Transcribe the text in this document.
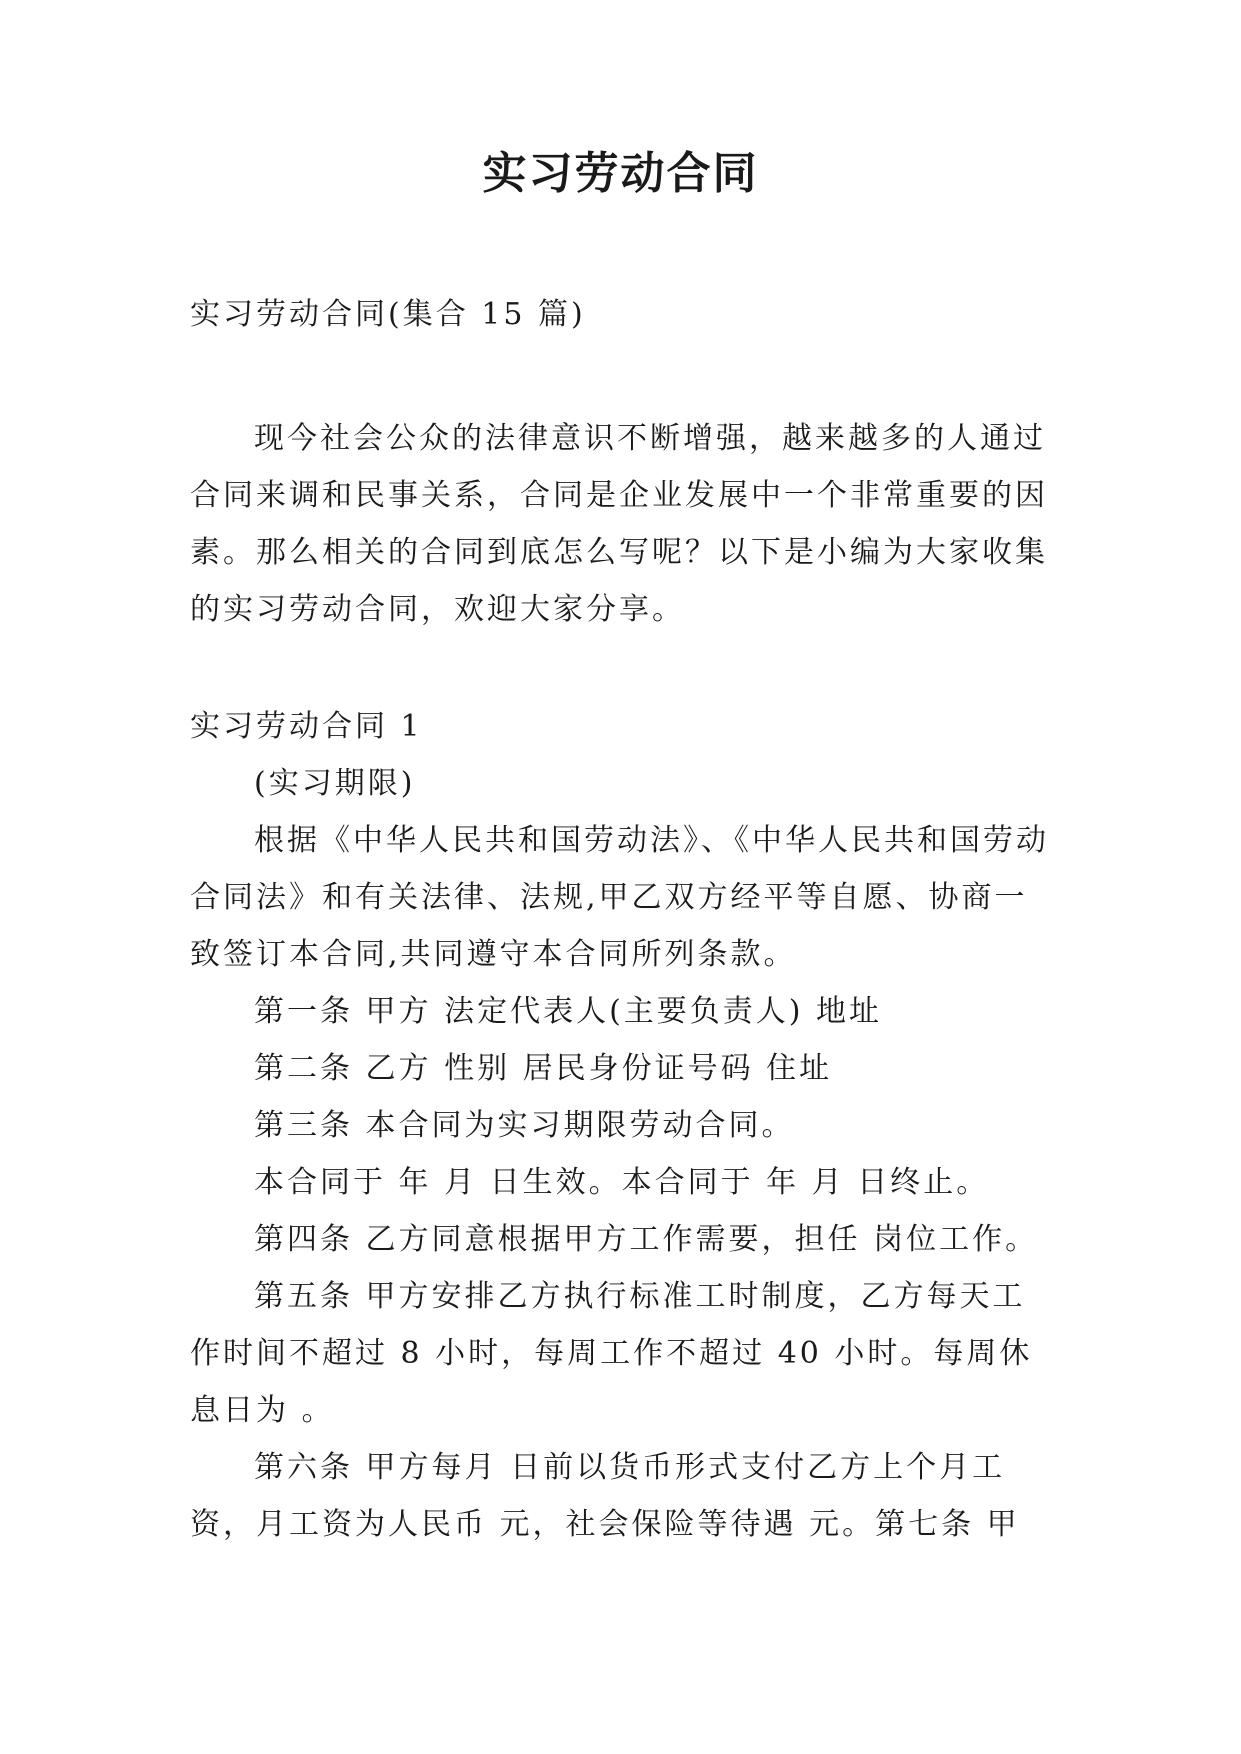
实习劳动合同

实习劳动合同(集合 15 篇)

现今社会公众的法律意识不断增强，越来越多的人通过合同来调和民事关系，合同是企业发展中一个非常重要的因素。那么相关的合同到底怎么写呢？以下是小编为大家收集的实习劳动合同，欢迎大家分享。

实习劳动合同 1

(实习期限)

根据《中华人民共和国劳动法》、《中华人民共和国劳动合同法》和有关法律、法规,甲乙双方经平等自愿、协商一致签订本合同,共同遵守本合同所列条款。

第一条 甲方 法定代表人(主要负责人) 地址

第二条 乙方 性别 居民身份证号码 住址

第三条 本合同为实习期限劳动合同。

本合同于 年 月 日生效。本合同于 年 月 日终止。

第四条 乙方同意根据甲方工作需要，担任 岗位工作。

第五条 甲方安排乙方执行标准工时制度，乙方每天工作时间不超过 8 小时，每周工作不超过 40 小时。每周休息日为 。

第六条 甲方每月 日前以货币形式支付乙方上个月工资，月工资为人民币 元，社会保险等待遇 元。第七条 甲
